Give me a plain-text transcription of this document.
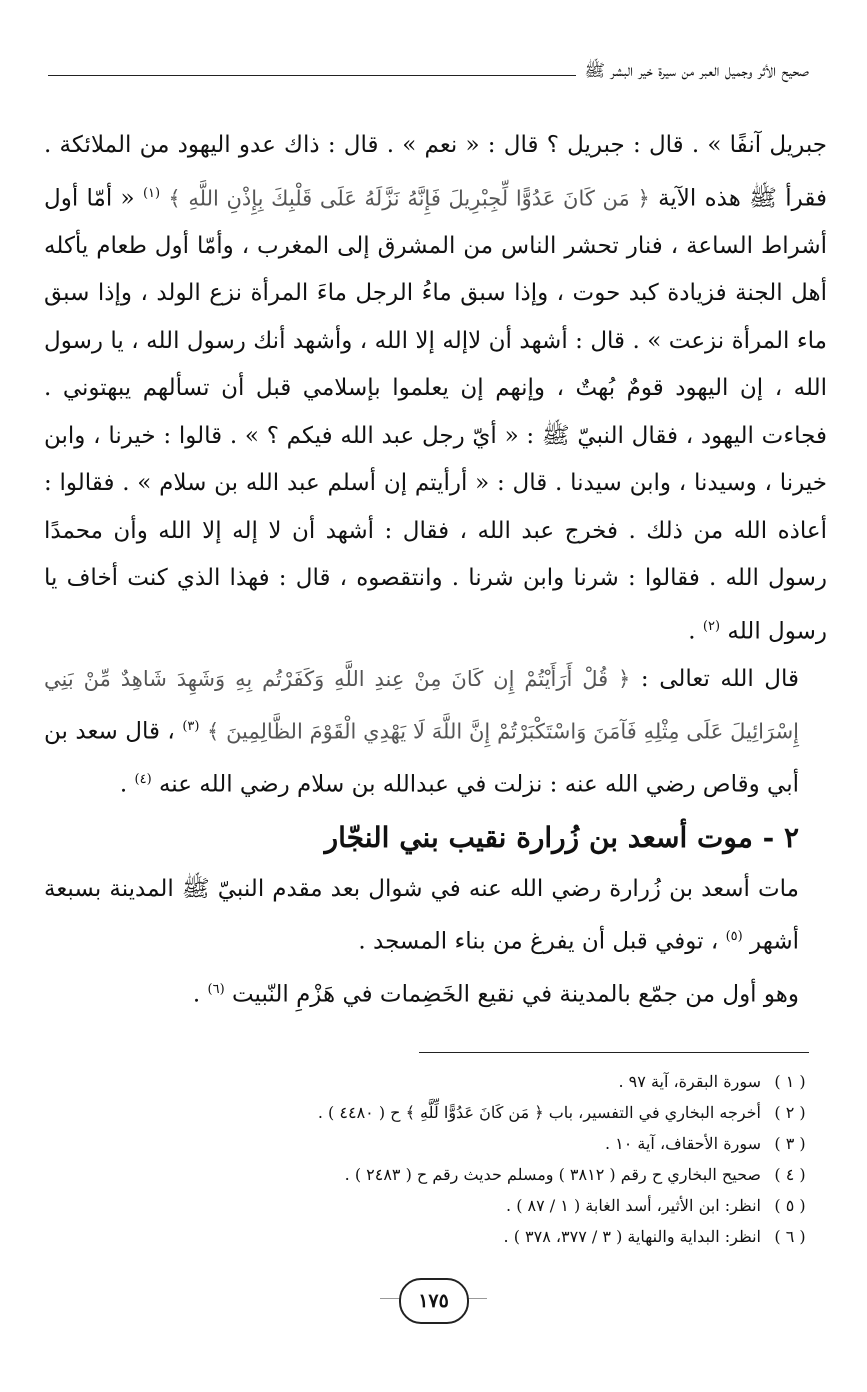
صحيح الأثر وجميل العبر من سيرة خير البشر ﷺ

جبريل آنفًا » . قال : جبريل ؟ قال : « نعم » . قال : ذاك عدو اليهود من الملائكة . فقرأ ﷺ هذه الآية ﴿ مَن كَانَ عَدُوًّا لِّجِبْرِيلَ فَإِنَّهُ نَزَّلَهُ عَلَى قَلْبِكَ بِإِذْنِ اللَّهِ ﴾ $^{(١)}$ « أمّا أول أشراط الساعة ، فنار تحشر الناس من المشرق إلى المغرب ، وأمّا أول طعام يأكله أهل الجنة فزيادة كبد حوت ، وإذا سبق ماءُ الرجل ماءَ المرأة نزع الولد ، وإذا سبق ماء المرأة نزعت » . قال : أشهد أن لاإله إلا الله ، وأشهد أنك رسول الله ، يا رسول الله ، إن اليهود قومٌ بُهتٌ ، وإنهم إن يعلموا بإسلامي قبل أن تسألهم يبهتوني . فجاءت اليهود ، فقال النبيّ ﷺ : « أيّ رجل عبد الله فيكم ؟ » . قالوا : خيرنا ، وابن خيرنا ، وسيدنا ، وابن سيدنا . قال : « أرأيتم إن أسلم عبد الله بن سلام » . فقالوا : أعاذه الله من ذلك . فخرج عبد الله ، فقال : أشهد أن لا إله إلا الله وأن محمدًا رسول الله . فقالوا : شرنا وابن شرنا . وانتقصوه ، قال : فهذا الذي كنت أخاف يا رسول الله $^{(٢)}$ .

قال الله تعالى : ﴿ قُلْ أَرَأَيْتُمْ إِن كَانَ مِنْ عِندِ اللَّهِ وَكَفَرْتُم بِهِ وَشَهِدَ شَاهِدٌ مِّنْ بَنِي إِسْرَائِيلَ عَلَى مِثْلِهِ فَآمَنَ وَاسْتَكْبَرْتُمْ إِنَّ اللَّهَ لَا يَهْدِي الْقَوْمَ الظَّالِمِينَ ﴾ $^{(٣)}$ ، قال سعد بن أبي وقاص رضي الله عنه : نزلت في عبدالله بن سلام رضي الله عنه $^{(٤)}$ .

٢ - موت أسعد بن زُرارة نقيب بني النجّار

مات أسعد بن زُرارة رضي الله عنه في شوال بعد مقدم النبيّ ﷺ المدينة بسبعة أشهر $^{(٥)}$ ، توفي قبل أن يفرغ من بناء المسجد .

وهو أول من جمّع بالمدينة في نقيع الخَضِمات في هَزْمِ النّبيت $^{(٦)}$ .

( ١ )
سورة البقرة، آية ٩٧ .
( ٢ )
أخرجه البخاري في التفسير، باب ﴿ مَن كَانَ عَدُوًّا لِّلَّهِ ﴾ ح ( ٤٤٨٠ ) .
( ٣ )
سورة الأحقاف، آية ١٠ .
( ٤ )
صحيح البخاري ح رقم ( ٣٨١٢ ) ومسلم حديث رقم ح ( ٢٤٨٣ ) .
( ٥ )
انظر: ابن الأثير، أسد الغابة ( ١ / ٨٧ ) .
( ٦ )
انظر: البداية والنهاية ( ٣ / ٣٧٧، ٣٧٨ ) .
١٧٥
